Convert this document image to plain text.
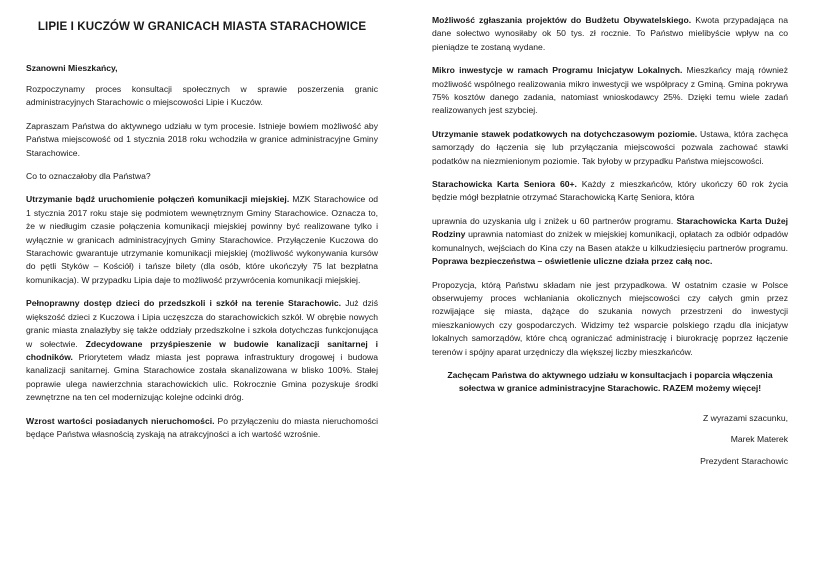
LIPIE I KUCZÓW W GRANICACH MIASTA STARACHOWICE
Szanowni Mieszkańcy,

Rozpoczynamy proces konsultacji społecznych w sprawie poszerzenia granic administracyjnych Starachowic o miejscowości Lipie i Kuczów.

Zapraszam Państwa do aktywnego udziału w tym procesie. Istnieje bowiem możliwość aby Państwa miejscowość od 1 stycznia 2018 roku wchodziła w granice administracyjne Gminy Starachowice.

Co to oznaczałoby dla Państwa?

Utrzymanie bądź uruchomienie połączeń komunikacji miejskiej. MZK Starachowice od 1 stycznia 2017 roku staje się podmiotem wewnętrznym Gminy Starachowice. Oznacza to, że w niedługim czasie połączenia komunikacji miejskiej powinny być realizowane tylko i wyłącznie w granicach administracyjnych Gminy Starachowice. Przyłączenie Kuczowa do Starachowic gwarantuje utrzymanie komunikacji miejskiej (możliwość wykonywania kursów do pętli Styków – Kościół) i tańsze bilety (dla osób, które ukończyły 75 lat bezpłatna komunikacja). W przypadku Lipia daje to możliwość przywrócenia komunikacji miejskiej.

Pełnoprawny dostęp dzieci do przedszkoli i szkół na terenie Starachowic. Już dziś większość dzieci z Kuczowa i Lipia uczęszcza do starachowickich szkół. W obrębie nowych granic miasta znalazłyby się także oddziały przedszkolne i szkoła dotychczas funkcjonująca w sołectwie. Zdecydowane przyśpieszenie w budowie kanalizacji sanitarnej i chodników. Priorytetem władz miasta jest poprawa infrastruktury drogowej i budowa kanalizacji sanitarnej. Gmina Starachowice została skanalizowana w blisko 100%. Stałej poprawie ulega nawierzchnia starachowickich ulic. Rokrocznie Gmina pozyskuje środki zewnętrzne na ten cel modernizując kolejne odcinki dróg.

Wzrost wartości posiadanych nieruchomości. Po przyłączeniu do miasta nieruchomości będące Państwa własnością zyskają na atrakcyjności a ich wartość wzrośnie.

Możliwość zgłaszania projektów do Budżetu Obywatelskiego. Kwota przypadająca na dane sołectwo wynosiłaby ok 50 tys. zł rocznie. To Państwo mielibyście wpływ na co pieniądze te zostaną wydane.

Mikro inwestycje w ramach Programu Inicjatyw Lokalnych. Mieszkańcy mają również możliwość wspólnego realizowania mikro inwestycji we współpracy z Gminą. Gmina pokrywa 75% kosztów danego zadania, natomiast wnioskodawcy 25%. Dzięki temu wiele zadań realizowanych jest szybciej.

Utrzymanie stawek podatkowych na dotychczasowym poziomie. Ustawa, która zachęca samorządy do łączenia się lub przyłączania miejscowości pozwala zachować stawki podatków na niezmienionym poziomie. Tak byłoby w przypadku Państwa miejscowości.

Starachowicka Karta Seniora 60+. Każdy z mieszkańców, który ukończy 60 rok życia będzie mógł bezpłatnie otrzymać Starachowicką Kartę Seniora, która

uprawnia do uzyskania ulg i zniżek u 60 partnerów programu. Starachowicka Karta Dużej Rodziny uprawnia natomiast do zniżek w miejskiej komunikacji, opłatach za odbiór odpadów komunalnych, wejściach do Kina czy na Basen atakże u kilkudziesięciu partnerów programu. Poprawa bezpieczeństwa – oświetlenie uliczne działa przez całą noc.

Propozycja, którą Państwu składam nie jest przypadkowa. W ostatnim czasie w Polsce obserwujemy proces wchłaniania okolicznych miejscowości czy całych gmin przez rozwijające się miasta, dążące do szukania nowych przestrzeni do inwestycji mieszkaniowych czy gospodarczych. Widzimy też wsparcie polskiego rządu dla inicjatyw lokalnych samorządów, które chcą ograniczać administrację i biurokrację poprzez łączenie terenów i spójny aparat urzędniczy dla większej liczby mieszkańców.

Zachęcam Państwa do aktywnego udziału w konsultacjach i poparcia włączenia sołectwa w granice administracyjne Starachowic. RAZEM możemy więcej!

Z wyrazami szacunku,

Marek Materek

Prezydent Starachowic
